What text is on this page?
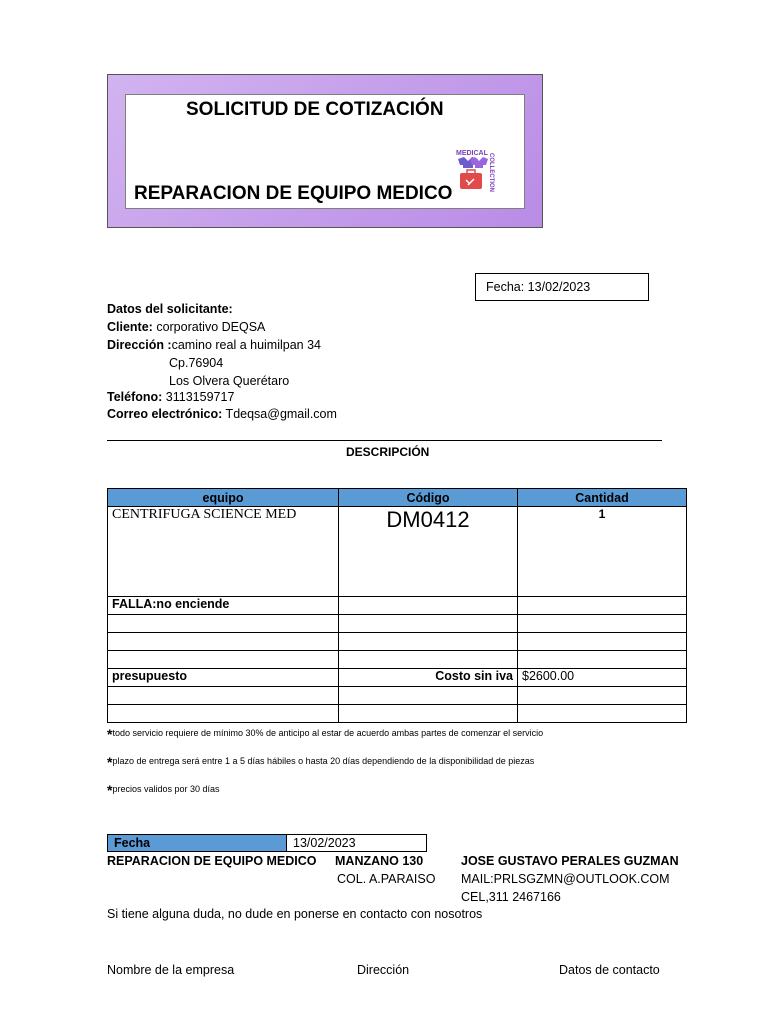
SOLICITUD DE COTIZACIÓN
REPARACION DE EQUIPO MEDICO
MEDICAL COLLECTION
Fecha: 13/02/2023
Datos del solicitante:
Cliente: corporativo DEQSA
Dirección :camino real a huimilpan 34
Cp.76904
Los Olvera Querétaro
Teléfono: 3113159717
Correo electrónico: Tdeqsa@gmail.com
DESCRIPCIÓN
equipo	Código	Cantidad
CENTRIFUGA SCIENCE MED	DM0412	1
FALLA:no enciende		

presupuesto	Costo sin iva	$2600.00

*todo servicio requiere de mínimo 30% de anticipo al estar de acuerdo ambas partes de comenzar el servicio
*plazo de entrega será entre 1 a 5 días hábiles o hasta 20 días dependiendo de la disponibilidad de piezas
*precios validos por 30 días
Fecha	13/02/2023
REPARACION DE EQUIPO MEDICO MANZANO 130
COL. A.PARAISO
JOSE GUSTAVO PERALES GUZMAN
MAIL:PRLSGZMN@OUTLOOK.COM
CEL,311 2467166
Si tiene alguna duda, no dude en ponerse en contacto con nosotros
Nombre de la empresa	Dirección	Datos de contacto
